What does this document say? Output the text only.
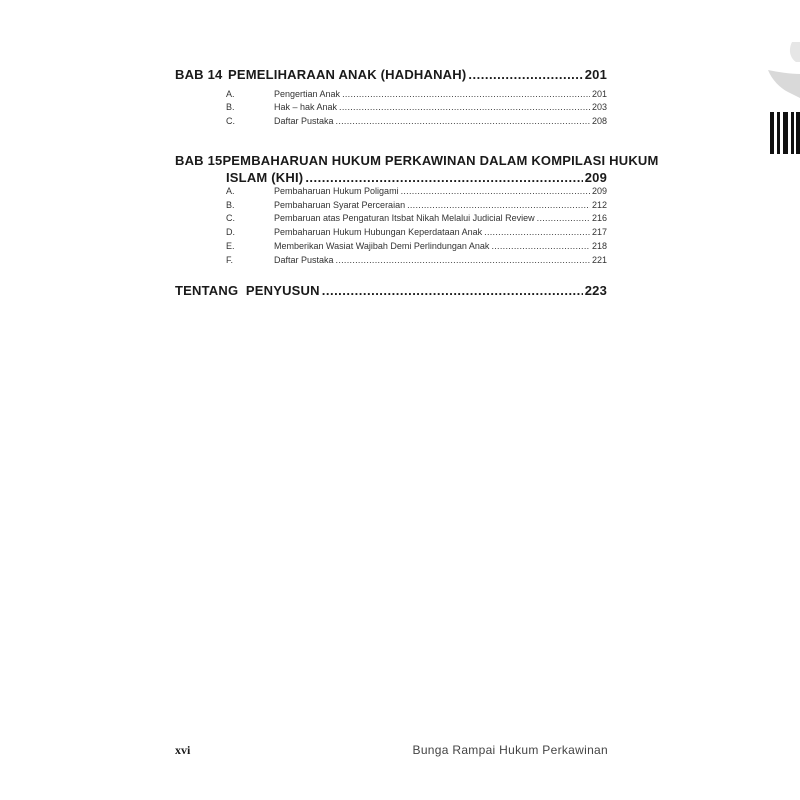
BAB 14 PEMELIHARAAN ANAK (HADHANAH) .....	201
A.	Pengertian Anak .....	201
B.	Hak – hak Anak .....	203
C.	Daftar Pustaka .....	208
BAB 15 PEMBAHARUAN HUKUM PERKAWINAN DALAM KOMPILASI HUKUM
ISLAM (KHI) .....	209
A.	Pembaharuan Hukum Poligami .....	209
B.	Pembaharuan Syarat Perceraian .....	212
C.	Pembaruan atas Pengaturan Itsbat Nikah Melalui Judicial Review .....	216
D.	Pembaharuan Hukum Hubungan Keperdataan Anak .....	217
E.	Memberikan Wasiat Wajibah Demi Perlindungan Anak .....	218
F.	Daftar Pustaka .....	221
TENTANG  PENYUSUN .....	223
xvi	Bunga Rampai Hukum Perkawinan
